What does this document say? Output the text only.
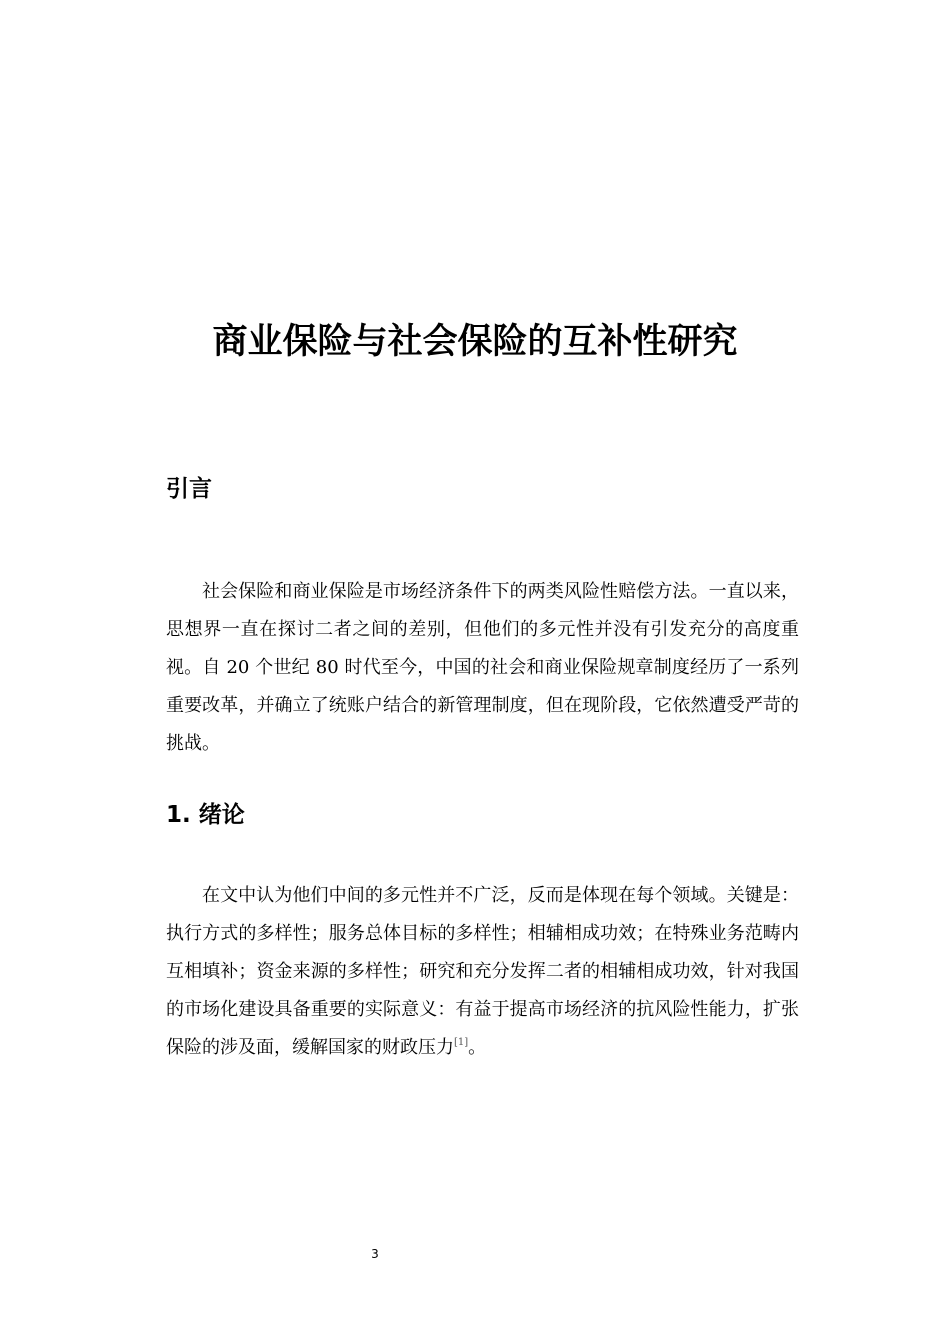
商业保险与社会保险的互补性研究
引言

社会保险和商业保险是市场经济条件下的两类风险性赔偿方法。一直以来，思想界一直在探讨二者之间的差别，但他们的多元性并没有引发充分的高度重视。自 20 个世纪 80 时代至今，中国的社会和商业保险规章制度经历了一系列重要改革，并确立了统账户结合的新管理制度，但在现阶段，它依然遭受严苛的挑战。

1. 绪论

在文中认为他们中间的多元性并不广泛，反而是体现在每个领域。关键是：执行方式的多样性；服务总体目标的多样性；相辅相成功效；在特殊业务范畴内互相填补；资金来源的多样性；研究和充分发挥二者的相辅相成功效，针对我国的市场化建设具备重要的实际意义：有益于提高市场经济的抗风险性能力，扩张保险的涉及面，缓解国家的财政压力[1]。

3
